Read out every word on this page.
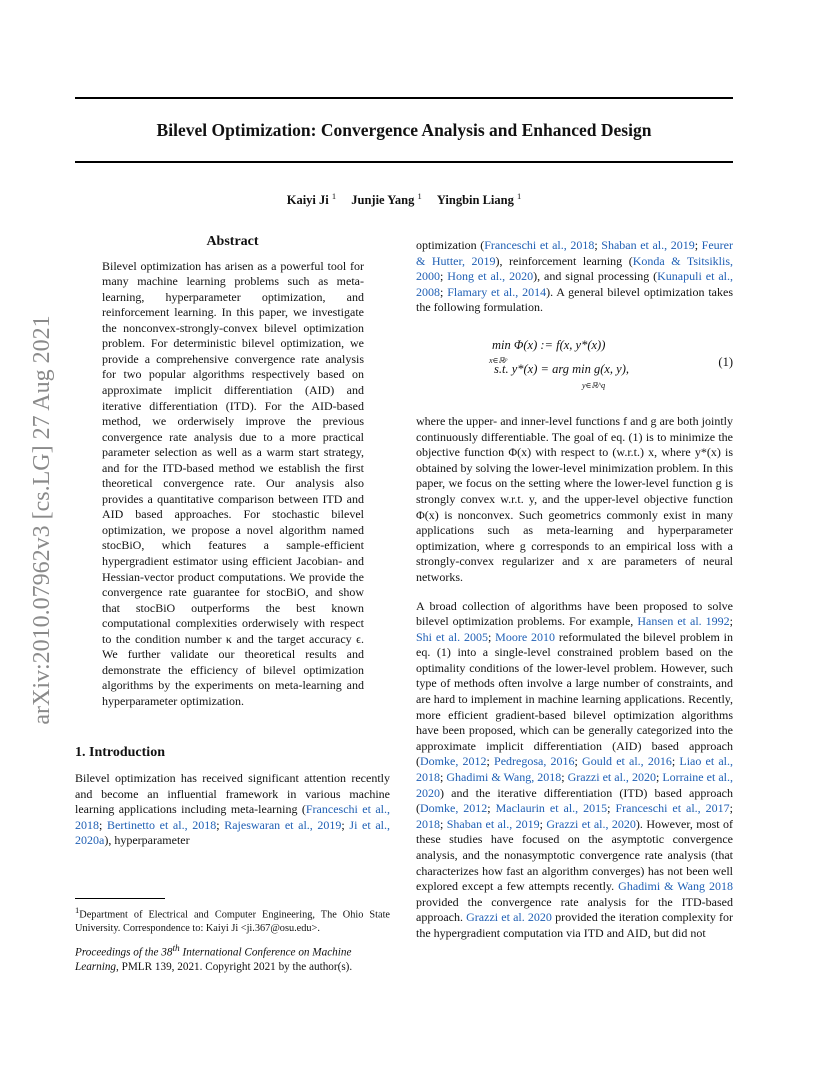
Bilevel Optimization: Convergence Analysis and Enhanced Design
Kaiyi Ji $^1$ Junjie Yang $^1$ Yingbin Liang $^1$
arXiv:2010.07962v3 [cs.LG] 27 Aug 2021
Abstract

Bilevel optimization has arisen as a powerful tool for many machine learning problems such as meta-learning, hyperparameter optimization, and reinforcement learning. In this paper, we investigate the nonconvex-strongly-convex bilevel optimization problem. For deterministic bilevel optimization, we provide a comprehensive convergence rate analysis for two popular algorithms respectively based on approximate implicit differentiation (AID) and iterative differentiation (ITD). For the AID-based method, we orderwisely improve the previous convergence rate analysis due to a more practical parameter selection as well as a warm start strategy, and for the ITD-based method we establish the first theoretical convergence rate. Our analysis also provides a quantitative comparison between ITD and AID based approaches. For stochastic bilevel optimization, we propose a novel algorithm named stocBiO, which features a sample-efficient hypergradient estimator using efficient Jacobian- and Hessian-vector product computations. We provide the convergence rate guarantee for stocBiO, and show that stocBiO outperforms the best known computational complexities orderwisely with respect to the condition number κ and the target accuracy ϵ. We further validate our theoretical results and demonstrate the efficiency of bilevel optimization algorithms by the experiments on meta-learning and hyperparameter optimization.

1. Introduction

Bilevel optimization has received significant attention recently and become an influential framework in various machine learning applications including meta-learning (Franceschi et al., 2018; Bertinetto et al., 2018; Rajeswaran et al., 2019; Ji et al., 2020a), hyperparameter

$^1$Department of Electrical and Computer Engineering, The Ohio State University. Correspondence to: Kaiyi Ji <ji.367@osu.edu>.
Proceedings of the 38th International Conference on Machine Learning, PMLR 139, 2021. Copyright 2021 by the author(s).

optimization (Franceschi et al., 2018; Shaban et al., 2019; Feurer & Hutter, 2019), reinforcement learning (Konda & Tsitsiklis, 2000; Hong et al., 2020), and signal processing (Kunapuli et al., 2008; Flamary et al., 2014). A general bilevel optimization takes the following formulation.

min Φ(x) := f(x, y*(x))
x∈ℝᵖ
s.t. y*(x) = arg min g(x, y),
y∈ℝ^q
(1)

where the upper- and inner-level functions f and g are both jointly continuously differentiable. The goal of eq. (1) is to minimize the objective function Φ(x) with respect to (w.r.t.) x, where y*(x) is obtained by solving the lower-level minimization problem. In this paper, we focus on the setting where the lower-level function g is strongly convex w.r.t. y, and the upper-level objective function Φ(x) is nonconvex. Such geometrics commonly exist in many applications such as meta-learning and hyperparameter optimization, where g corresponds to an empirical loss with a strongly-convex regularizer and x are parameters of neural networks.

A broad collection of algorithms have been proposed to solve bilevel optimization problems. For example, Hansen et al. 1992; Shi et al. 2005; Moore 2010 reformulated the bilevel problem in eq. (1) into a single-level constrained problem based on the optimality conditions of the lower-level problem. However, such type of methods often involve a large number of constraints, and are hard to implement in machine learning applications. Recently, more efficient gradient-based bilevel optimization algorithms have been proposed, which can be generally categorized into the approximate implicit differentiation (AID) based approach (Domke, 2012; Pedregosa, 2016; Gould et al., 2016; Liao et al., 2018; Ghadimi & Wang, 2018; Grazzi et al., 2020; Lorraine et al., 2020) and the iterative differentiation (ITD) based approach (Domke, 2012; Maclaurin et al., 2015; Franceschi et al., 2017; 2018; Shaban et al., 2019; Grazzi et al., 2020). However, most of these studies have focused on the asymptotic convergence analysis, and the nonasymptotic convergence rate analysis (that characterizes how fast an algorithm converges) has not been well explored except a few attempts recently. Ghadimi & Wang 2018 provided the convergence rate analysis for the ITD-based approach. Grazzi et al. 2020 provided the iteration complexity for the hypergradient computation via ITD and AID, but did not
